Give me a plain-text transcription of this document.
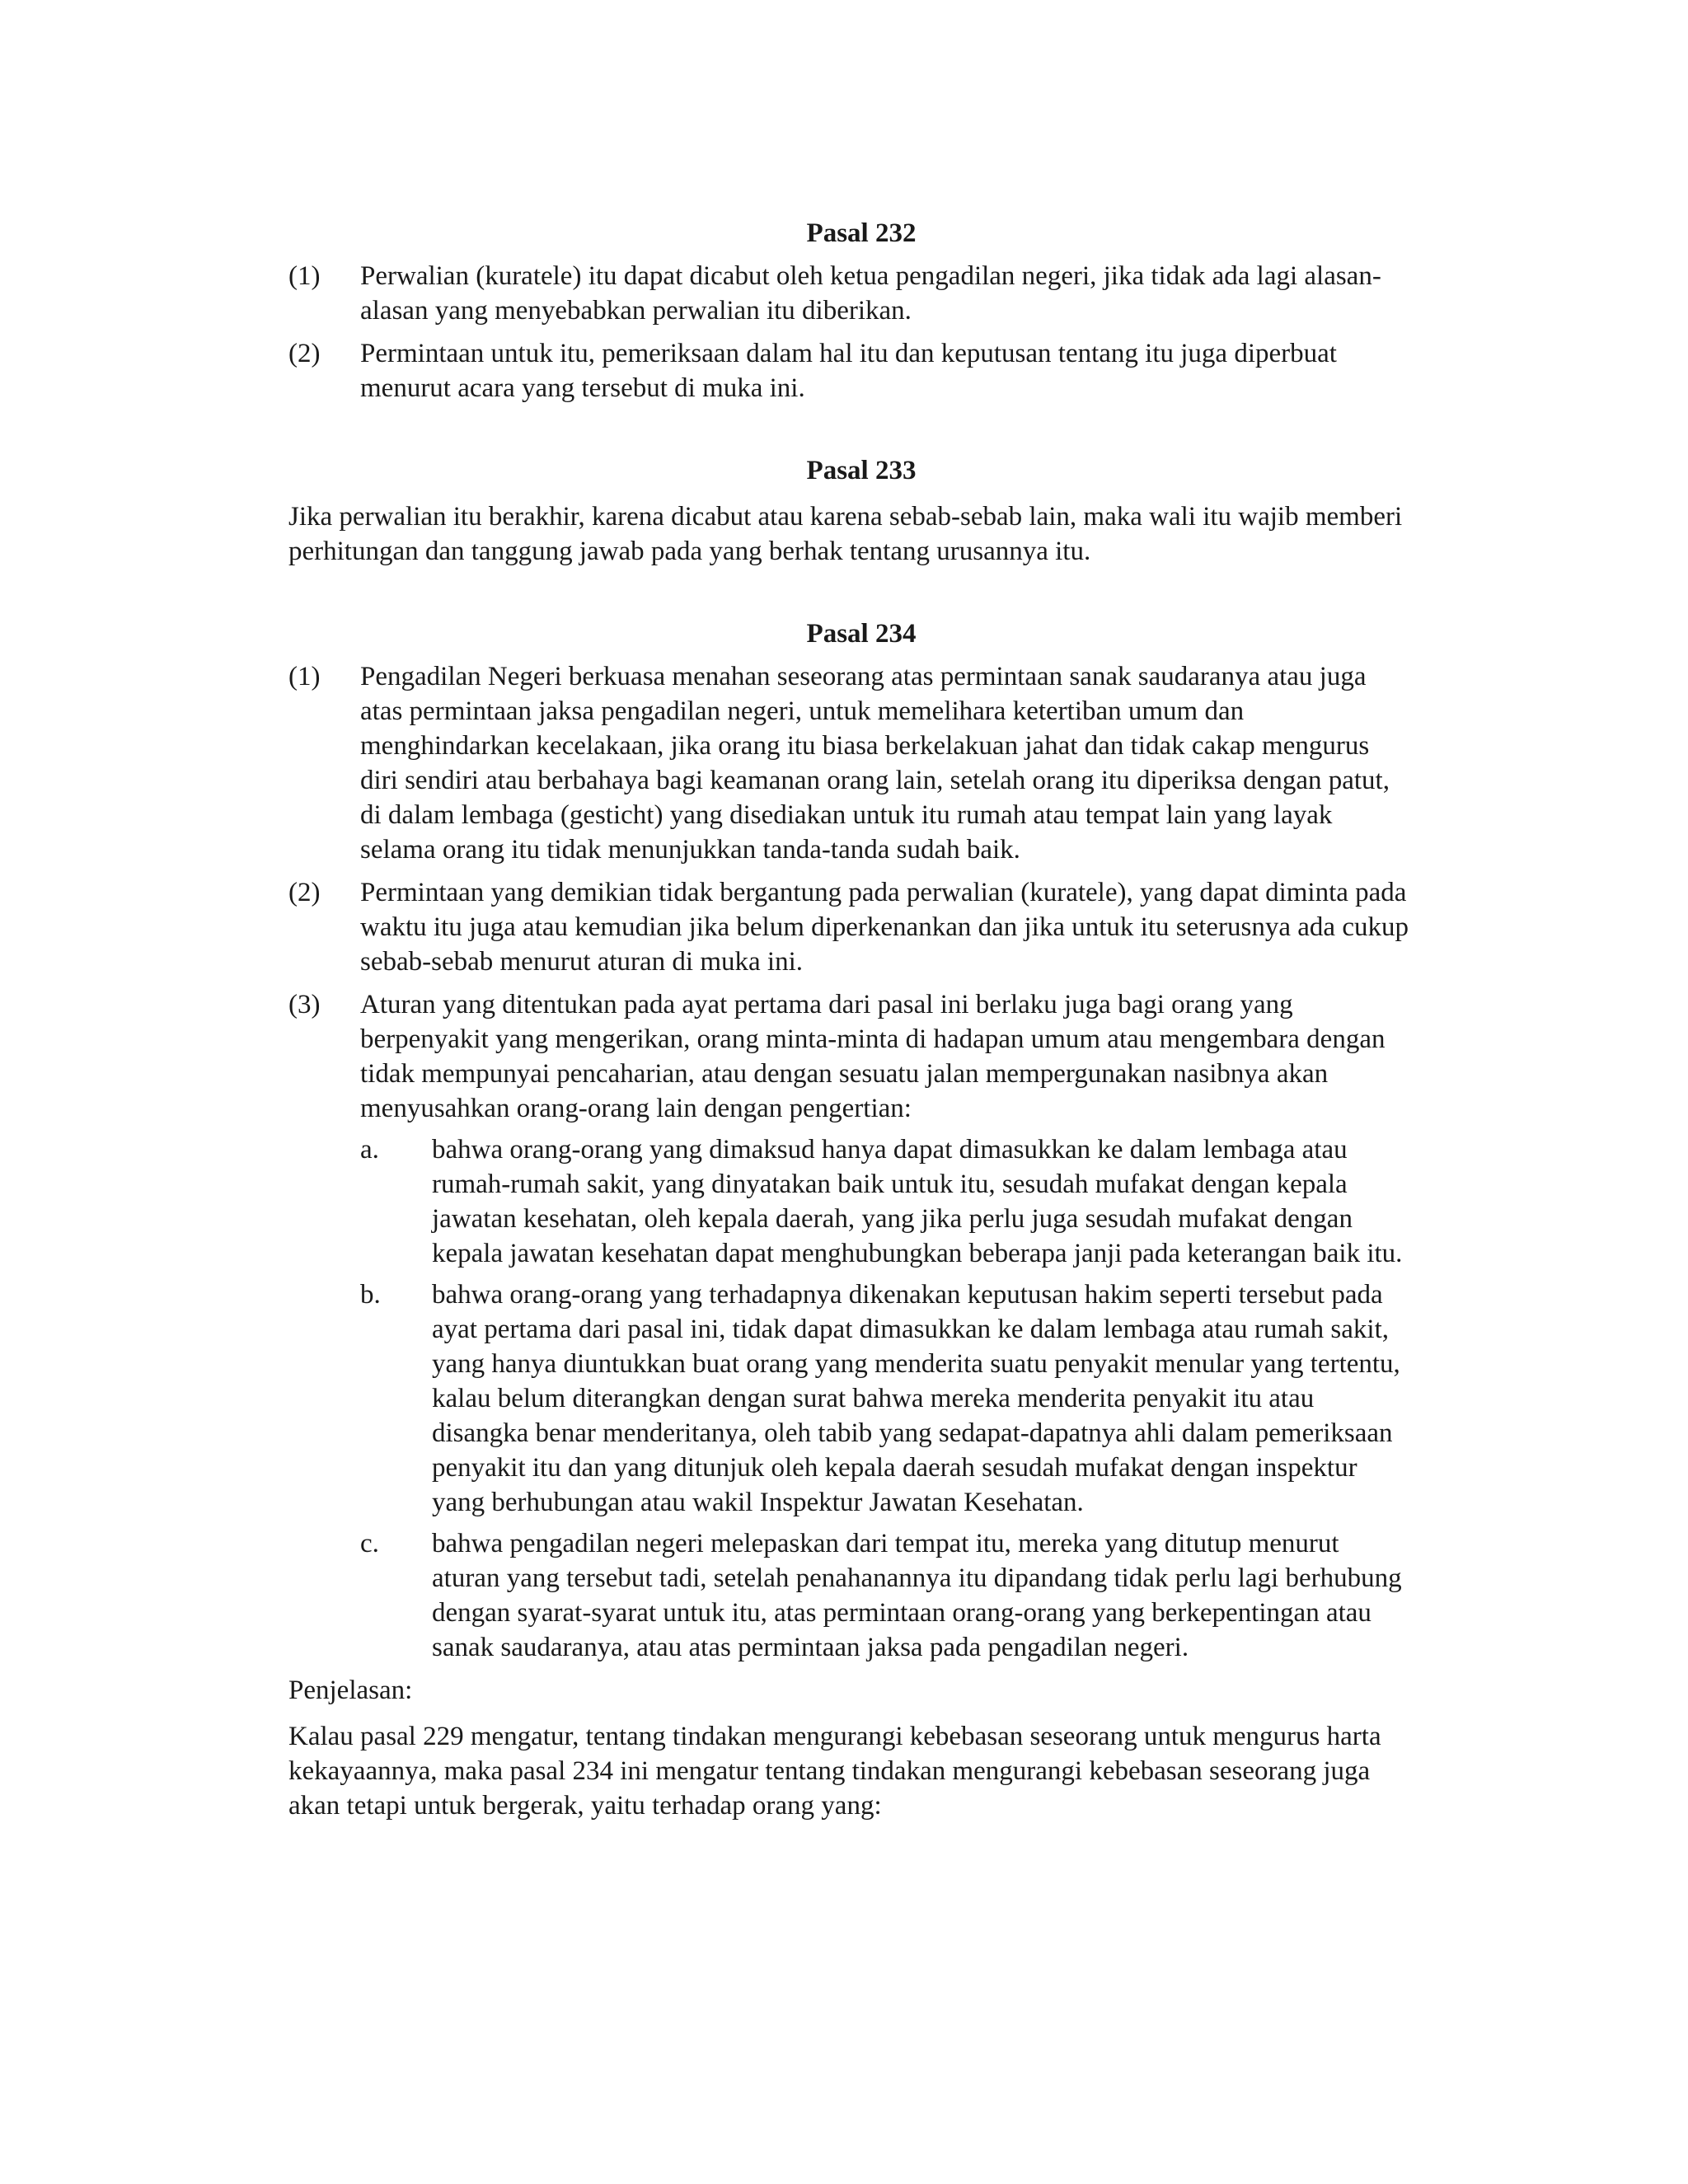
Pasal 232

(1) Perwalian (kuratele) itu dapat dicabut oleh ketua pengadilan negeri, jika tidak ada lagi alasan-alasan yang menyebabkan perwalian itu diberikan.
(2) Permintaan untuk itu, pemeriksaan dalam hal itu dan keputusan tentang itu juga diperbuat menurut acara yang tersebut di muka ini.

Pasal 233

Jika perwalian itu berakhir, karena dicabut atau karena sebab-sebab lain, maka wali itu wajib memberi perhitungan dan tanggung jawab pada yang berhak tentang urusannya itu.

Pasal 234

(1) Pengadilan Negeri berkuasa menahan seseorang atas permintaan sanak saudaranya atau juga atas permintaan jaksa pengadilan negeri, untuk memelihara ketertiban umum dan menghindarkan kecelakaan, jika orang itu biasa berkelakuan jahat dan tidak cakap mengurus diri sendiri atau berbahaya bagi keamanan orang lain, setelah orang itu diperiksa dengan patut, di dalam lembaga (gesticht) yang disediakan untuk itu rumah atau tempat lain yang layak selama orang itu tidak menunjukkan tanda-tanda sudah baik.
(2) Permintaan yang demikian tidak bergantung pada perwalian (kuratele), yang dapat diminta pada waktu itu juga atau kemudian jika belum diperkenankan dan jika untuk itu seterusnya ada cukup sebab-sebab menurut aturan di muka ini.
(3) Aturan yang ditentukan pada ayat pertama dari pasal ini berlaku juga bagi orang yang berpenyakit yang mengerikan, orang minta-minta di hadapan umum atau mengembara dengan tidak mempunyai pencaharian, atau dengan sesuatu jalan mempergunakan nasibnya akan menyusahkan orang-orang lain dengan pengertian:
a. bahwa orang-orang yang dimaksud hanya dapat dimasukkan ke dalam lembaga atau rumah-rumah sakit, yang dinyatakan baik untuk itu, sesudah mufakat dengan kepala jawatan kesehatan, oleh kepala daerah, yang jika perlu juga sesudah mufakat dengan kepala jawatan kesehatan dapat menghubungkan beberapa janji pada keterangan baik itu.
b. bahwa orang-orang yang terhadapnya dikenakan keputusan hakim seperti tersebut pada ayat pertama dari pasal ini, tidak dapat dimasukkan ke dalam lembaga atau rumah sakit, yang hanya diuntukkan buat orang yang menderita suatu penyakit menular yang tertentu, kalau belum diterangkan dengan surat bahwa mereka menderita penyakit itu atau disangka benar menderitanya, oleh tabib yang sedapat-dapatnya ahli dalam pemeriksaan penyakit itu dan yang ditunjuk oleh kepala daerah sesudah mufakat dengan inspektur yang berhubungan atau wakil Inspektur Jawatan Kesehatan.
c. bahwa pengadilan negeri melepaskan dari tempat itu, mereka yang ditutup menurut aturan yang tersebut tadi, setelah penahanannya itu dipandang tidak perlu lagi berhubung dengan syarat-syarat untuk itu, atas permintaan orang-orang yang berkepentingan atau sanak saudaranya, atau atas permintaan jaksa pada pengadilan negeri.

Penjelasan:

Kalau pasal 229 mengatur, tentang tindakan mengurangi kebebasan seseorang untuk mengurus harta kekayaannya, maka pasal 234 ini mengatur tentang tindakan mengurangi kebebasan seseorang juga akan tetapi untuk bergerak, yaitu terhadap orang yang:
